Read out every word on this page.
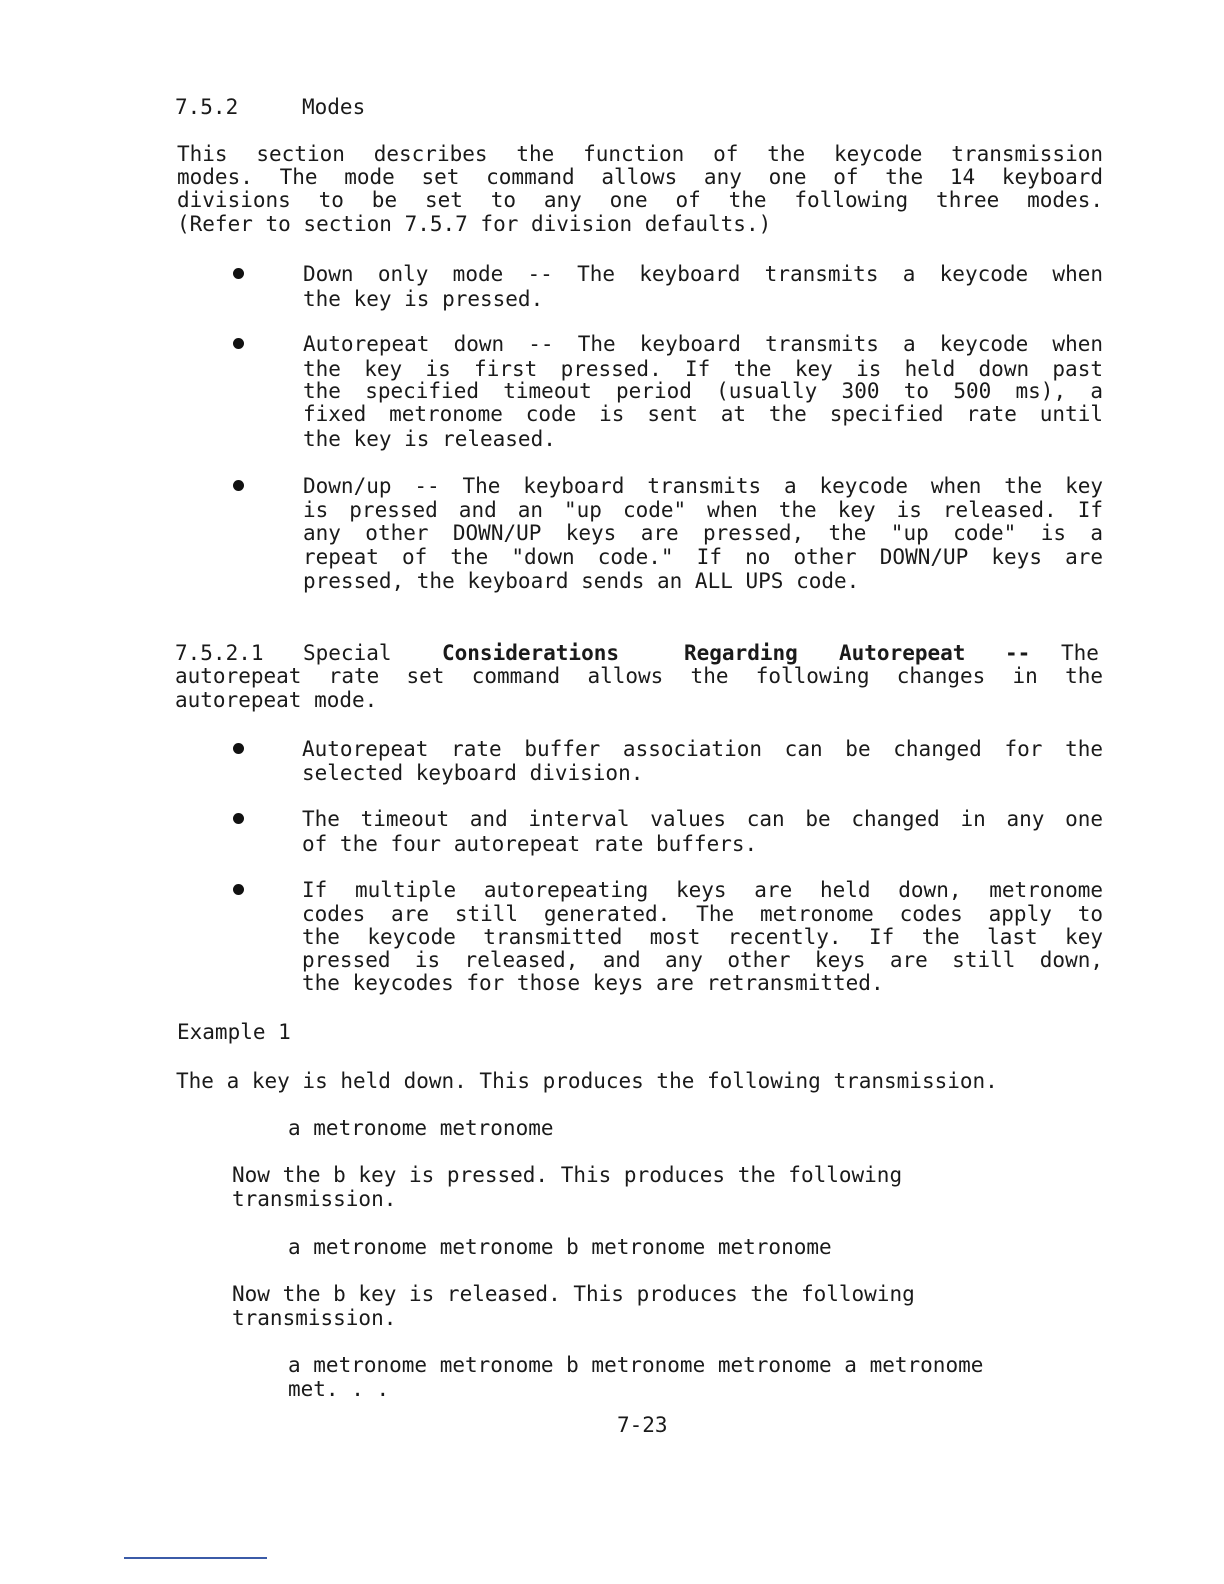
7.5.2	Modes
This section describes the function of the keycode transmission
modes. The mode set command allows any one of the 14 keyboard
divisions to be set to any one of the following three modes.
(Refer to section 7.5.7 for division defaults.)
Down only mode -- The keyboard transmits a keycode when
the key is pressed.
Autorepeat down -- The keyboard transmits a keycode when
the key is first pressed. If the key is held down past
the specified timeout period (usually 300 to 500 ms), a
fixed metronome code is sent at the specified rate until
the key is released.
Down/up -- The keyboard transmits a keycode when the key
is pressed and an "up code" when the key is released. If
any other DOWN/UP keys are pressed, the "up code" is a
repeat of the "down code." If no other DOWN/UP keys are
pressed, the keyboard sends an ALL UPS code.
7.5.2.1 Special Considerations	Regarding Autorepeat -- The
autorepeat rate set command allows the following changes in the
autorepeat mode.
Autorepeat rate buffer association can be changed for the
selected keyboard division.
The timeout and interval values can be changed in any one
of the four autorepeat rate buffers.
If multiple autorepeating keys are held down, metronome
codes are still generated. The metronome codes apply to
the keycode transmitted most recently. If the last key
pressed is released, and any other keys are still down,
the keycodes for those keys are retransmitted.
Example 1
The a key is held down. This produces the following transmission.
a metronome metronome
Now the b key is pressed. This produces the following
transmission.
a metronome metronome b metronome metronome
Now the b key is released. This produces the following
transmission.
a metronome metronome b metronome metronome a metronome
met. . .
7-23
